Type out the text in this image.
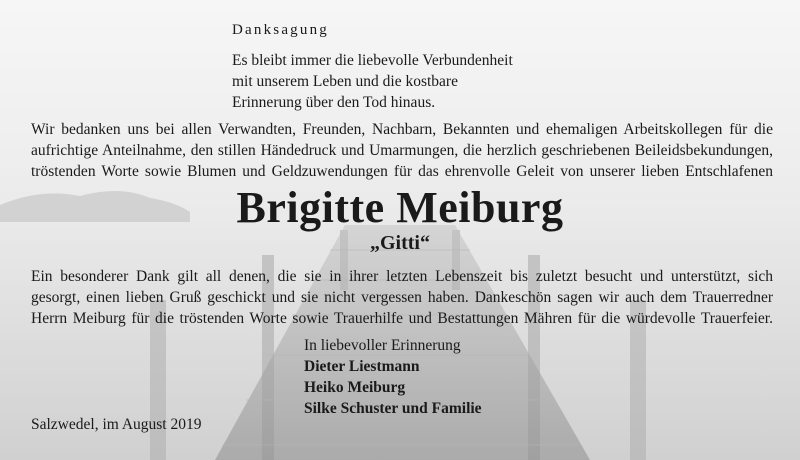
Danksagung
Es bleibt immer die liebevolle Verbundenheit
mit unserem Leben und die kostbare
Erinnerung über den Tod hinaus.
Wir bedanken uns bei allen Verwandten, Freunden, Nachbarn, Bekannten und ehemaligen Arbeitskollegen für die
aufrichtige Anteilnahme, den stillen Händedruck und Umarmungen, die herzlich geschriebenen Beileidsbekundungen,
tröstenden Worte sowie Blumen und Geldzuwendungen für das ehrenvolle Geleit von unserer lieben Entschlafenen
Brigitte Meiburg
„Gitti“
Ein besonderer Dank gilt all denen, die sie in ihrer letzten Lebenszeit bis zuletzt besucht und unterstützt, sich
gesorgt, einen lieben Gruß geschickt und sie nicht vergessen haben. Dankeschön sagen wir auch dem Trauerredner
Herrn Meiburg für die tröstenden Worte sowie Trauerhilfe und Bestattungen Mähren für die würdevolle Trauerfeier.
In liebevoller Erinnerung
Dieter Liestmann
Heiko Meiburg
Silke Schuster und Familie
Salzwedel, im August 2019
